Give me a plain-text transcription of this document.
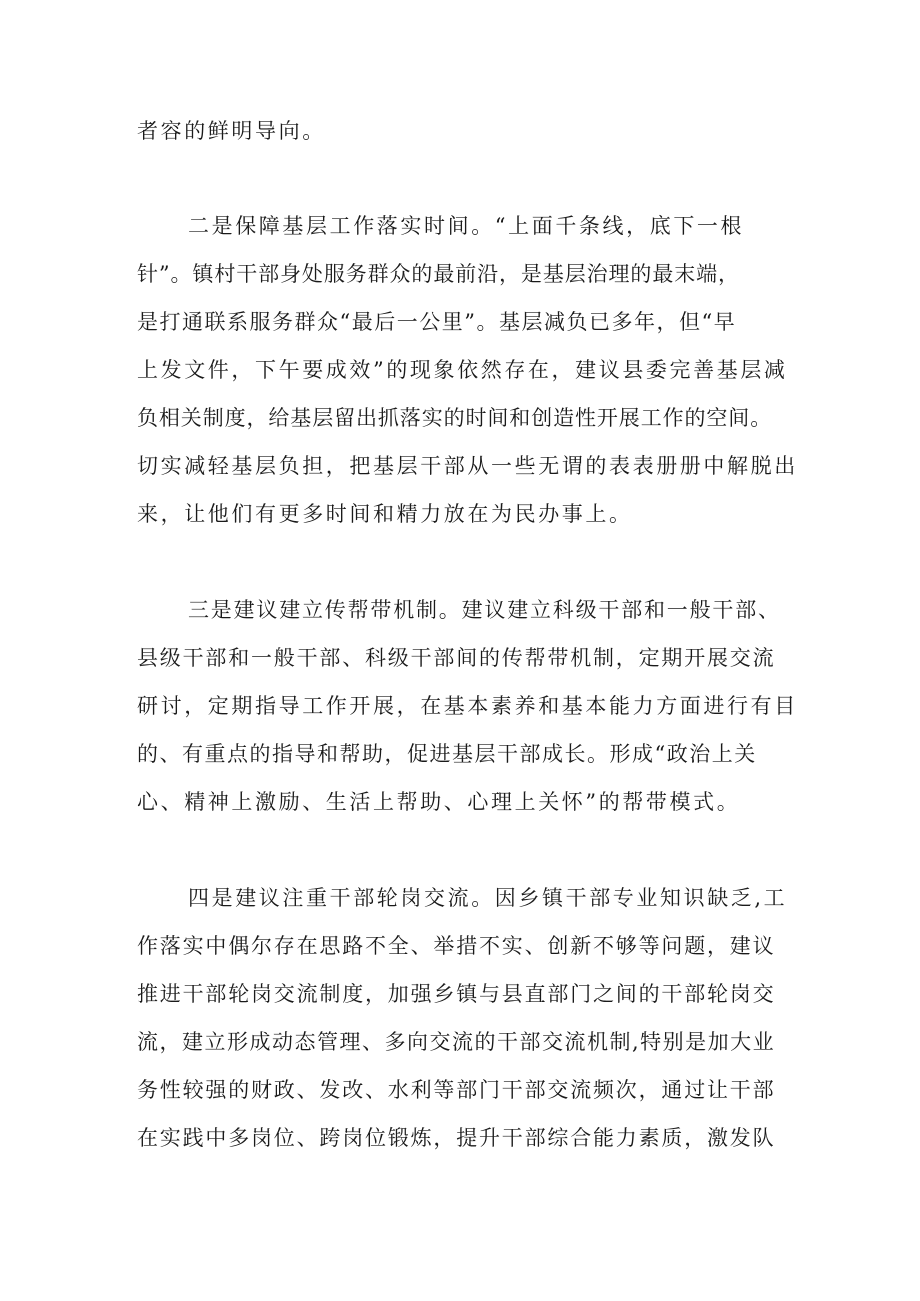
者容的鲜明导向。
二是保障基层工作落实时间。“上面千条线，底下一根
针”。镇村干部身处服务群众的最前沿，是基层治理的最末端，
是打通联系服务群众“最后一公里”。基层减负已多年，但“早
上发文件，下午要成效”的现象依然存在，建议县委完善基层减
负相关制度，给基层留出抓落实的时间和创造性开展工作的空间。
切实减轻基层负担，把基层干部从一些无谓的表表册册中解脱出
来，让他们有更多时间和精力放在为民办事上。
三是建议建立传帮带机制。建议建立科级干部和一般干部、
县级干部和一般干部、科级干部间的传帮带机制，定期开展交流
研讨，定期指导工作开展，在基本素养和基本能力方面进行有目
的、有重点的指导和帮助，促进基层干部成长。形成“政治上关
心、精神上激励、生活上帮助、心理上关怀”的帮带模式。
四是建议注重干部轮岗交流。因乡镇干部专业知识缺乏,工
作落实中偶尔存在思路不全、举措不实、创新不够等问题，建议
推进干部轮岗交流制度，加强乡镇与县直部门之间的干部轮岗交
流，建立形成动态管理、多向交流的干部交流机制,特别是加大业
务性较强的财政、发改、水利等部门干部交流频次，通过让干部
在实践中多岗位、跨岗位锻炼，提升干部综合能力素质，激发队
